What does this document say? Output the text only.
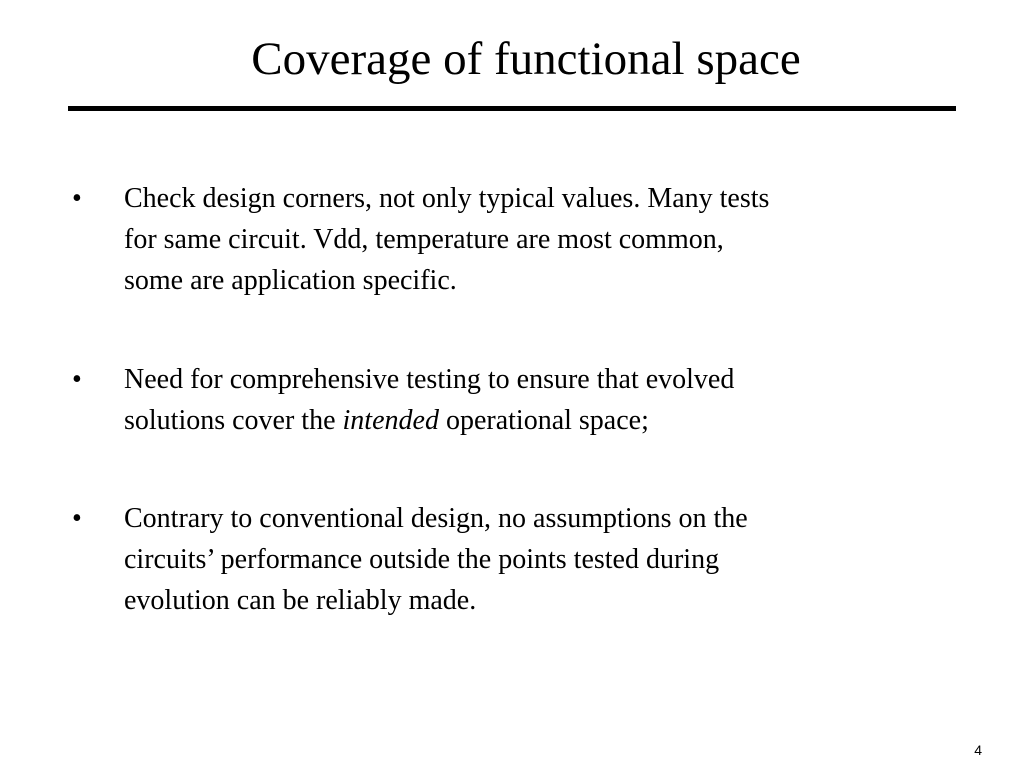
Coverage of functional space
• Check design corners, not only typical values. Many tests
for same circuit. Vdd, temperature are most common,
some are application specific.
• Need for comprehensive testing to ensure that evolved
solutions cover the intended operational space;
• Contrary to conventional design, no assumptions on the
circuits’ performance outside the points tested during
evolution can be reliably made.
4
